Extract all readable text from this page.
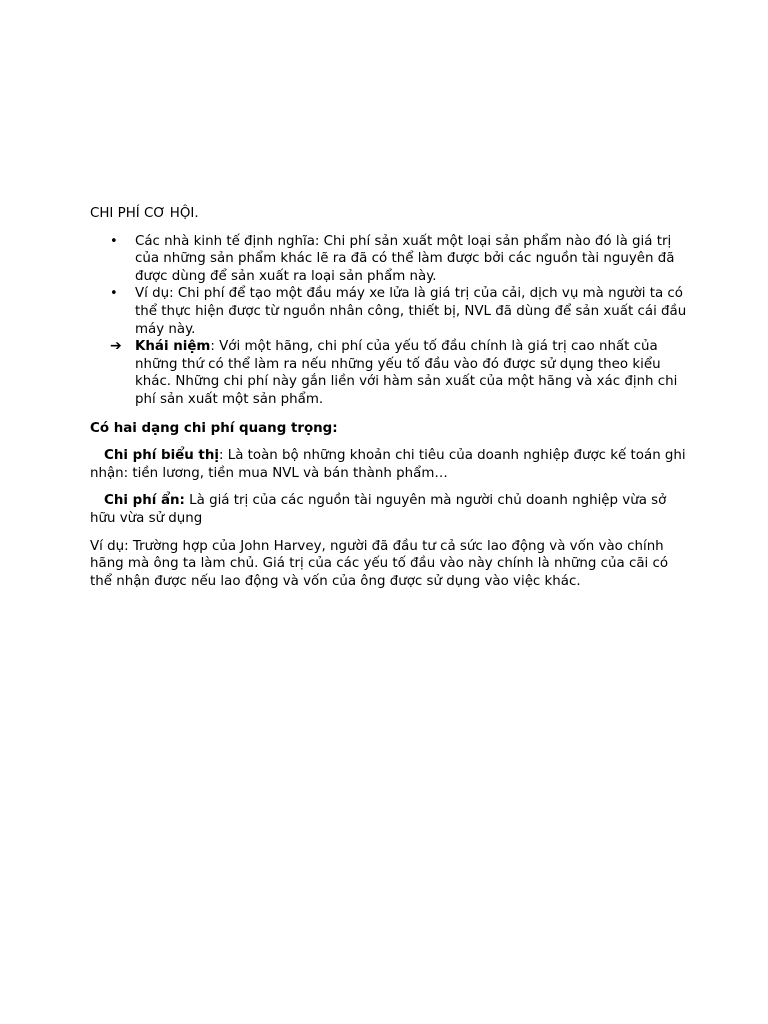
CHI PHÍ CƠ HỘI.

•	Các nhà kinh tế định nghĩa: Chi phí sản xuất một loại sản phẩm nào đó là giá trị của những sản phẩm khác lẽ ra đã có thể làm được bởi các nguồn tài nguyên đã được dùng để sản xuất ra loại sản phẩm này.
•	Ví dụ: Chi phí để tạo một đầu máy xe lửa là giá trị của cải, dịch vụ mà người ta có thể thực hiện được từ nguồn nhân công, thiết bị, NVL đã dùng để sản xuất cái đầu máy này.
➔ Khái niệm: Với một hãng, chi phí của yếu tố đầu chính là giá trị cao nhất của những thứ có thể làm ra nếu những yếu tố đầu vào đó được sử dụng theo kiểu khác. Những chi phí này gắn liền với hàm sản xuất của một hãng và xác định chi phí sản xuất một sản phẩm.

Có hai dạng chi phí quang trọng:

Chi phí biểu thị: Là toàn bộ những khoản chi tiêu của doanh nghiệp được kế toán ghi nhận: tiền lương, tiền mua NVL và bán thành phẩm…

Chi phí ẩn: Là giá trị của các nguồn tài nguyên mà người chủ doanh nghiệp vừa sở hữu vừa sử dụng

Ví dụ: Trường hợp của John Harvey, người đã đầu tư cả sức lao động và vốn vào chính hãng mà ông ta làm chủ. Giá trị của các yếu tố đầu vào này chính là những của cãi có thể nhận được nếu lao động và vốn của ông được sử dụng vào việc khác.
